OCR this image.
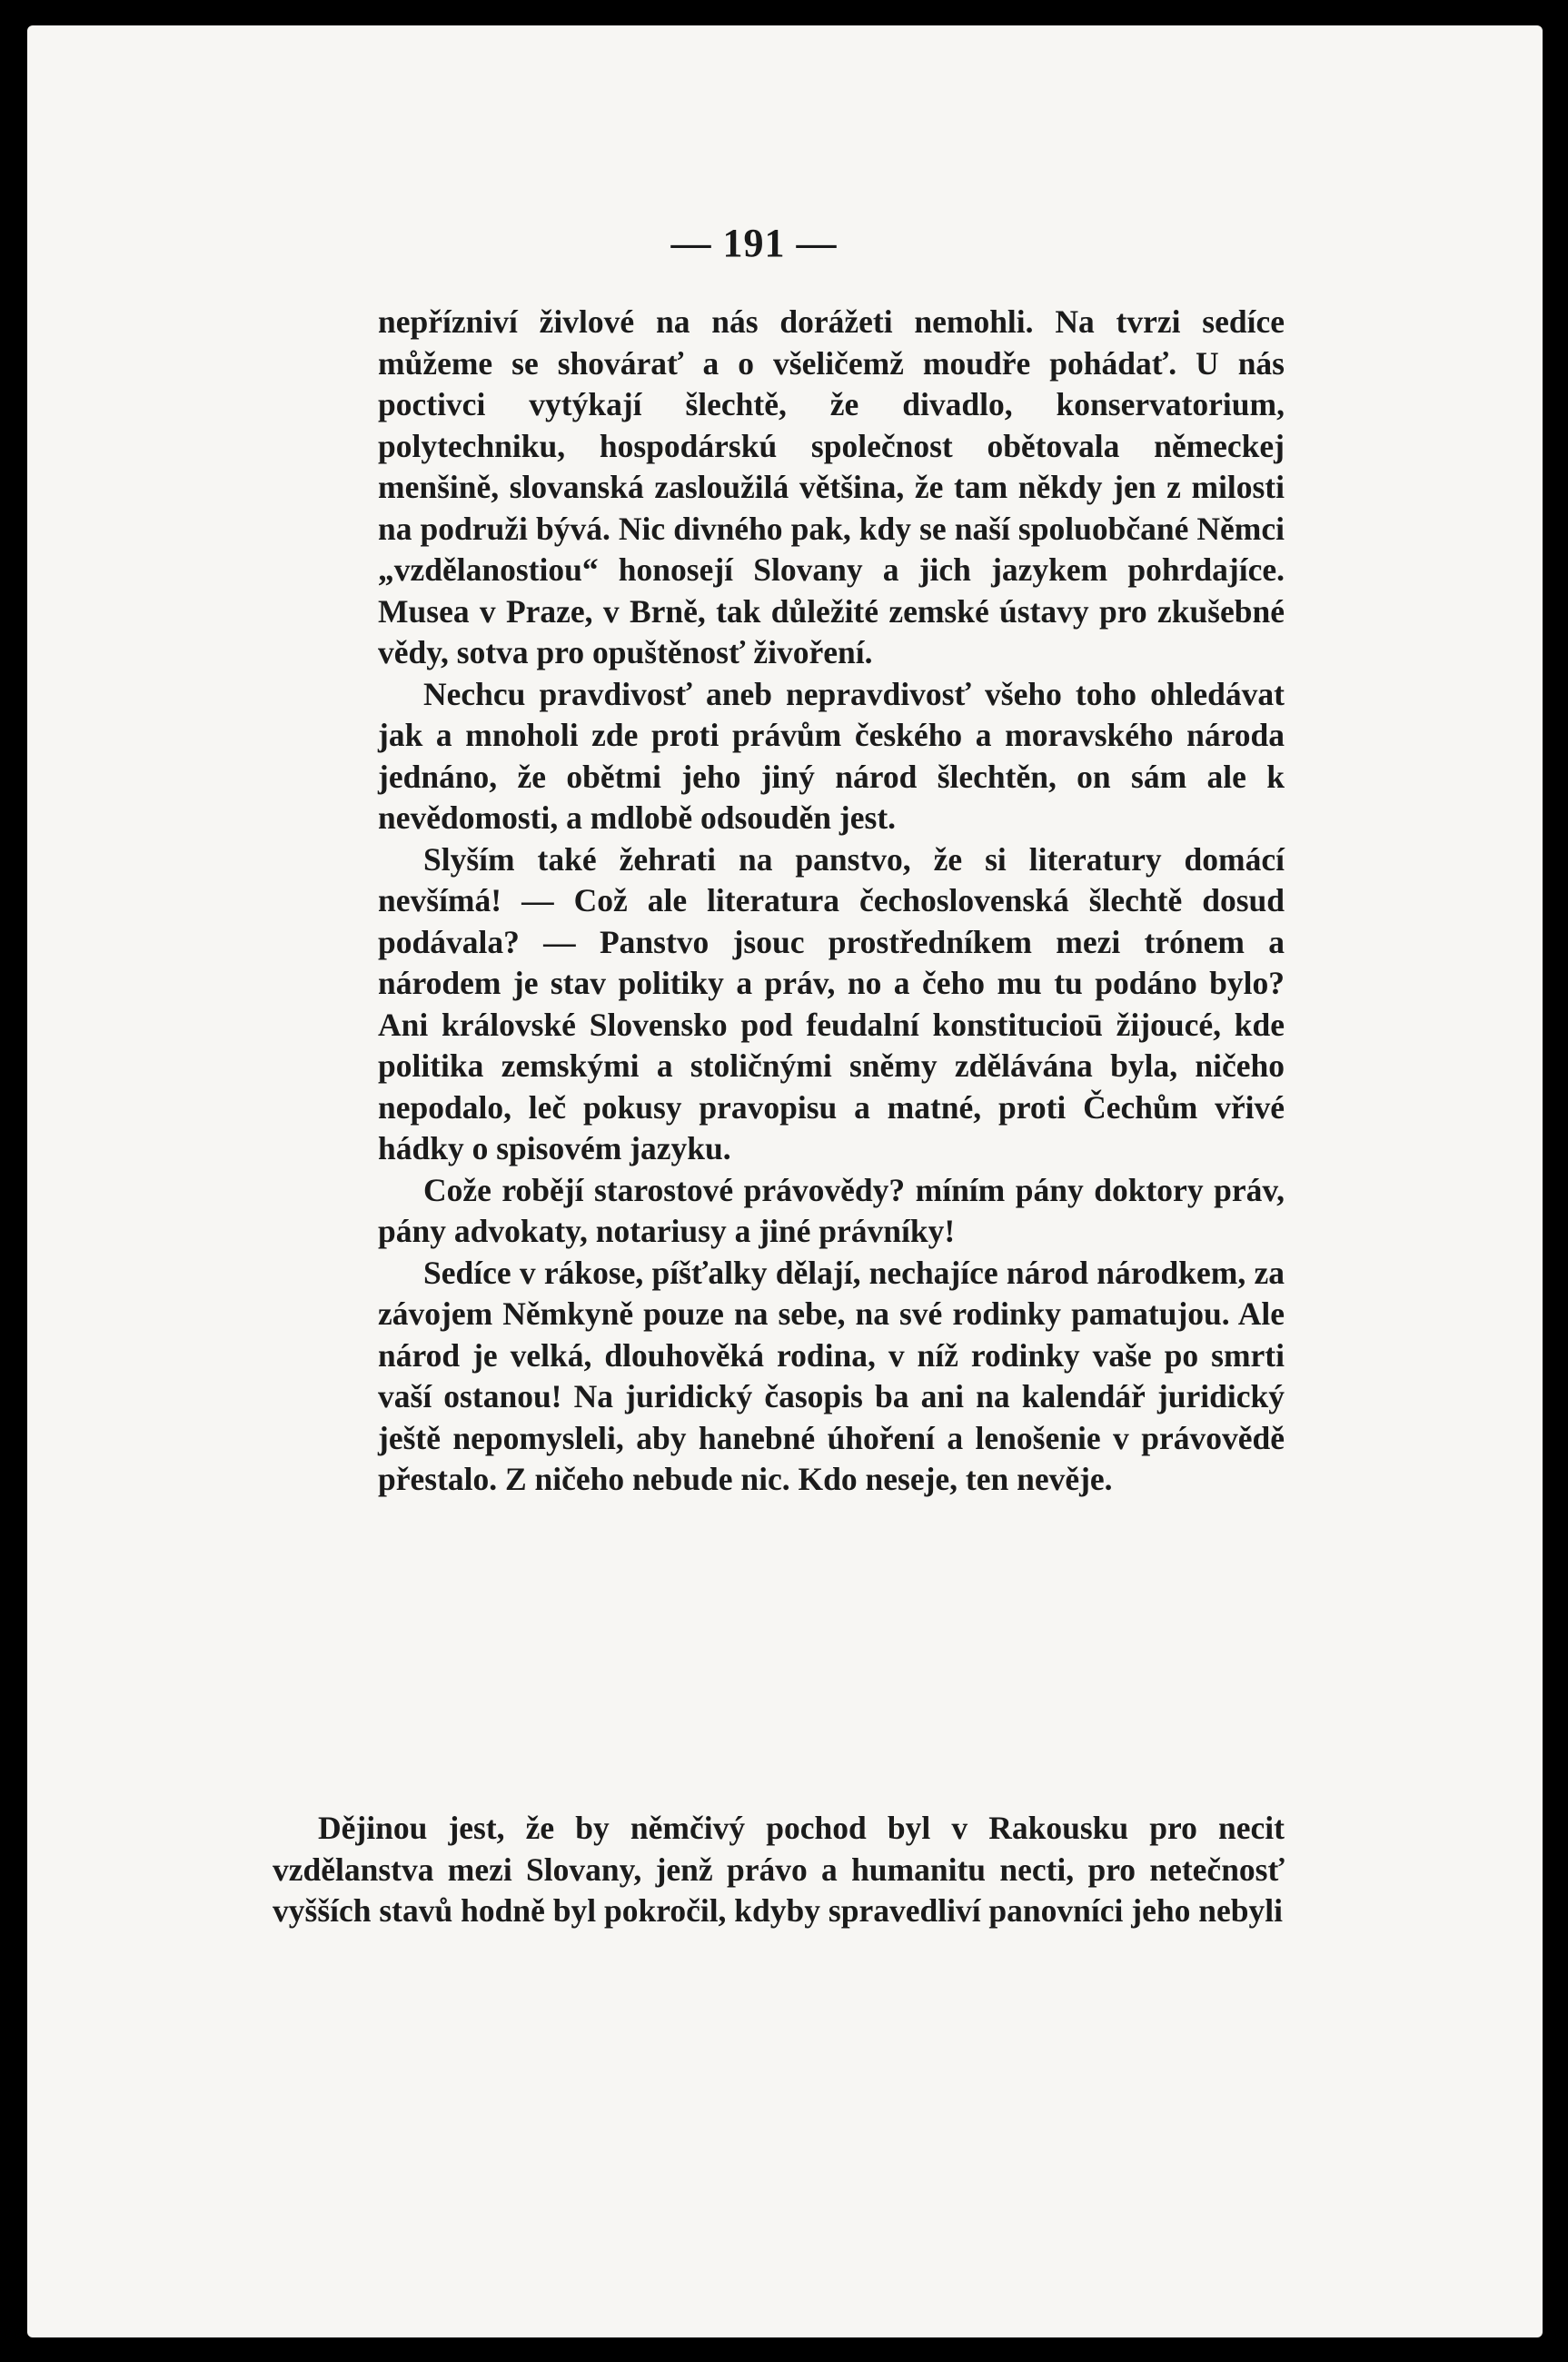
— 191 —

nepřízniví živlové na nás dorážeti nemohli. Na tvrzi sedíce můžeme se shovárať a o všeličemž moudře pohádať. U nás poctivci vytýkají šlechtě, že divadlo, konservatorium, polytechniku, hospodárskú společnost obětovala německej menšině, slovanská zasloužilá většina, že tam někdy jen z milosti na podruži bývá. Nic divného pak, kdy se naší spoluobčané Němci „vzdělanostiou“ honosejí Slovany a jich jazykem pohrdajíce. Musea v Praze, v Brně, tak důležité zemské ústavy pro zkušebné vědy, sotva pro opuštěnosť živoření.

Nechcu pravdivosť aneb nepravdivosť všeho toho ohledávat jak a mnoholi zde proti právům českého a moravského národa jednáno, že obětmi jeho jiný národ šlechtěn, on sám ale k nevědomosti, a mdlobě odsouděn jest.

Slyším také žehrati na panstvo, že si literatury domácí nevšímá! — Což ale literatura čechoslovenská šlechtě dosud podávala? — Panstvo jsouc prostředníkem mezi trónem a národem je stav politiky a práv, no a čeho mu tu podáno bylo? Ani královské Slovensko pod feudalní konstitucioū žijoucé, kde politika zemskými a stoličnými sněmy zdělávána byla, ničeho nepodalo, leč pokusy pravopisu a matné, proti Čechům vřivé hádky o spisovém jazyku.

Cože robějí starostové právovědy? míním pány doktory práv, pány advokaty, notariusy a jiné právníky!

Sedíce v rákose, píšťalky dělají, nechajíce národ národkem, za závojem Němkyně pouze na sebe, na své rodinky pamatujou. Ale národ je velká, dlouhověká rodina, v níž rodinky vaše po smrti vaší ostanou! Na juridický časopis ba ani na kalendář juridický ještě nepomysleli, aby hanebné úhoření a lenošenie v právovědě přestalo. Z ničeho nebude nic. Kdo neseje, ten nevěje.

Dějinou jest, že by němčivý pochod byl v Rakousku pro necit vzdělanstva mezi Slovany, jenž právo a humanitu necti, pro netečnosť vyšších stavů hodně byl pokročil, kdyby spravedliví panovníci jeho nebyli
